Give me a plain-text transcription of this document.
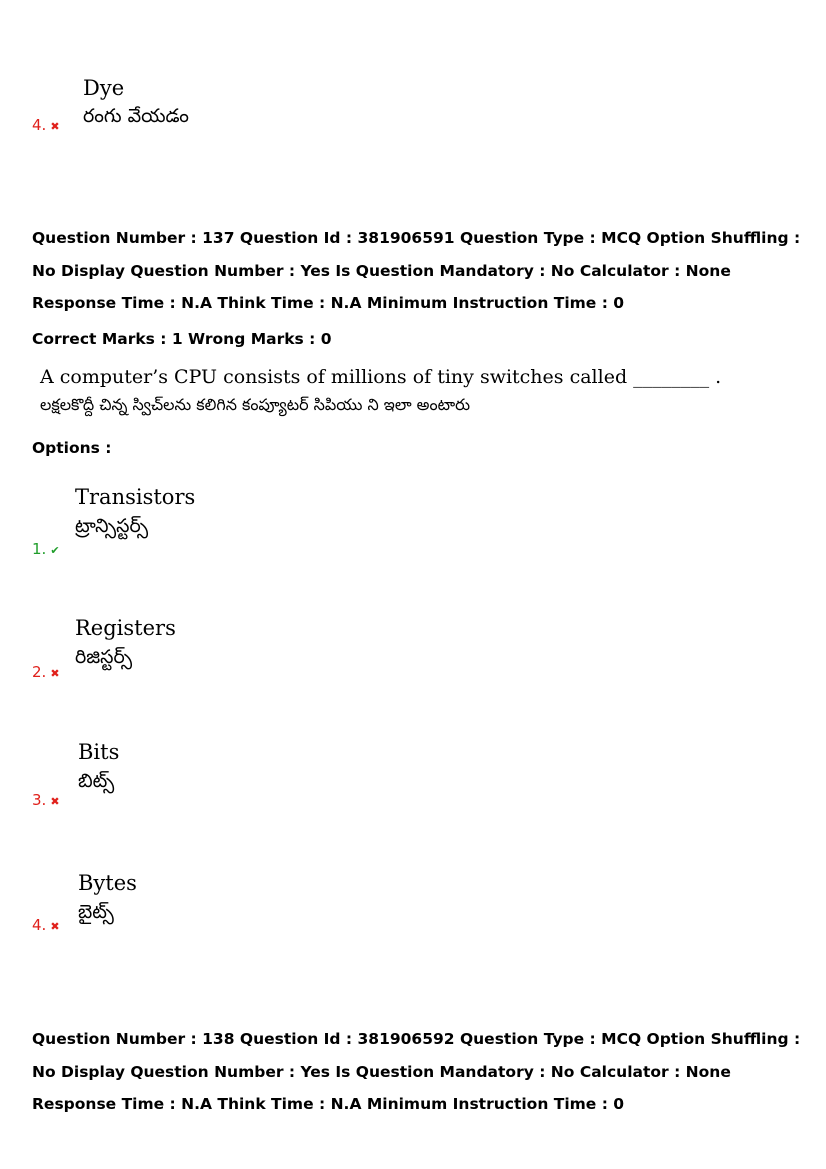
Dye
రంగు వేయడం
4. ✖
Question Number : 137 Question Id : 381906591 Question Type : MCQ Option Shuffling : No Display Question Number : Yes Is Question Mandatory : No Calculator : None Response Time : N.A Think Time : N.A Minimum Instruction Time : 0
Correct Marks : 1 Wrong Marks : 0
A computer’s CPU consists of millions of tiny switches called ________ .
లక్షలకొద్దీ చిన్న స్విచ్‌లను కలిగిన కంప్యూటర్ సిపియు ని ఇలా అంటారు
Options :
Transistors
ట్రాన్సిస్టర్స్
1. ✔
Registers
రిజిస్టర్స్
2. ✖
Bits
బిట్స్
3. ✖
Bytes
బైట్స్
4. ✖
Question Number : 138 Question Id : 381906592 Question Type : MCQ Option Shuffling : No Display Question Number : Yes Is Question Mandatory : No Calculator : None Response Time : N.A Think Time : N.A Minimum Instruction Time : 0
